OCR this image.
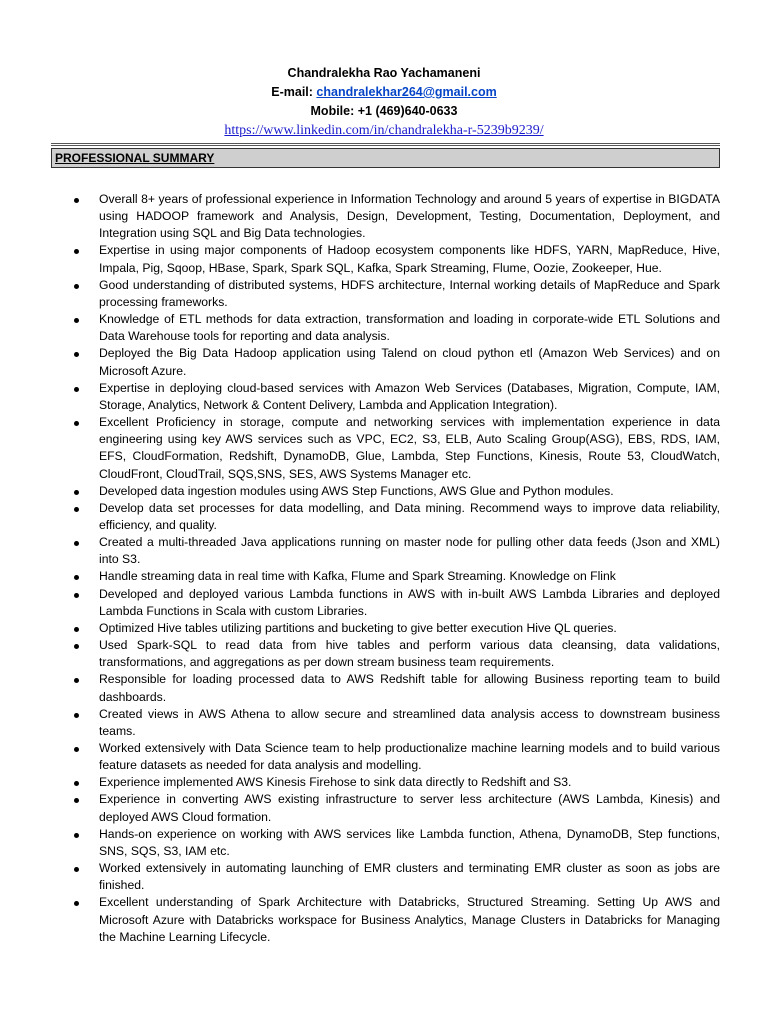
Chandralekha Rao Yachamaneni
E-mail: chandralekhar264@gmail.com
Mobile: +1 (469)640-0633
https://www.linkedin.com/in/chandralekha-r-5239b9239/
PROFESSIONAL SUMMARY
Overall 8+ years of professional experience in Information Technology and around 5 years of expertise in BIGDATA using HADOOP framework and Analysis, Design, Development, Testing, Documentation, Deployment, and Integration using SQL and Big Data technologies.
Expertise in using major components of Hadoop ecosystem components like HDFS, YARN, MapReduce, Hive, Impala, Pig, Sqoop, HBase, Spark, Spark SQL, Kafka, Spark Streaming, Flume, Oozie, Zookeeper, Hue.
Good understanding of distributed systems, HDFS architecture, Internal working details of MapReduce and Spark processing frameworks.
Knowledge of ETL methods for data extraction, transformation and loading in corporate-wide ETL Solutions and Data Warehouse tools for reporting and data analysis.
Deployed the Big Data Hadoop application using Talend on cloud python etl (Amazon Web Services) and on Microsoft Azure.
Expertise in deploying cloud-based services with Amazon Web Services (Databases, Migration, Compute, IAM, Storage, Analytics, Network & Content Delivery, Lambda and Application Integration).
Excellent Proficiency in storage, compute and networking services with implementation experience in data engineering using key AWS services such as VPC, EC2, S3, ELB, Auto Scaling Group(ASG), EBS, RDS, IAM, EFS, CloudFormation, Redshift, DynamoDB, Glue, Lambda, Step Functions, Kinesis, Route 53, CloudWatch, CloudFront, CloudTrail, SQS,SNS, SES, AWS Systems Manager etc.
Developed data ingestion modules using AWS Step Functions, AWS Glue and Python modules.
Develop data set processes for data modelling, and Data mining. Recommend ways to improve data reliability, efficiency, and quality.
Created a multi-threaded Java applications running on master node for pulling other data feeds (Json and XML) into S3.
Handle streaming data in real time with Kafka, Flume and Spark Streaming. Knowledge on Flink
Developed and deployed various Lambda functions in AWS with in-built AWS Lambda Libraries and deployed Lambda Functions in Scala with custom Libraries.
Optimized Hive tables utilizing partitions and bucketing to give better execution Hive QL queries.
Used Spark-SQL to read data from hive tables and perform various data cleansing, data validations, transformations, and aggregations as per down stream business team requirements.
Responsible for loading processed data to AWS Redshift table for allowing Business reporting team to build dashboards.
Created views in AWS Athena to allow secure and streamlined data analysis access to downstream business teams.
Worked extensively with Data Science team to help productionalize machine learning models and to build various feature datasets as needed for data analysis and modelling.
Experience implemented AWS Kinesis Firehose to sink data directly to Redshift and S3.
Experience in converting AWS existing infrastructure to server less architecture (AWS Lambda, Kinesis) and deployed AWS Cloud formation.
Hands-on experience on working with AWS services like Lambda function, Athena, DynamoDB, Step functions, SNS, SQS, S3, IAM etc.
Worked extensively in automating launching of EMR clusters and terminating EMR cluster as soon as jobs are finished.
Excellent understanding of Spark Architecture with Databricks, Structured Streaming. Setting Up AWS and Microsoft Azure with Databricks workspace for Business Analytics, Manage Clusters in Databricks for Managing the Machine Learning Lifecycle.
